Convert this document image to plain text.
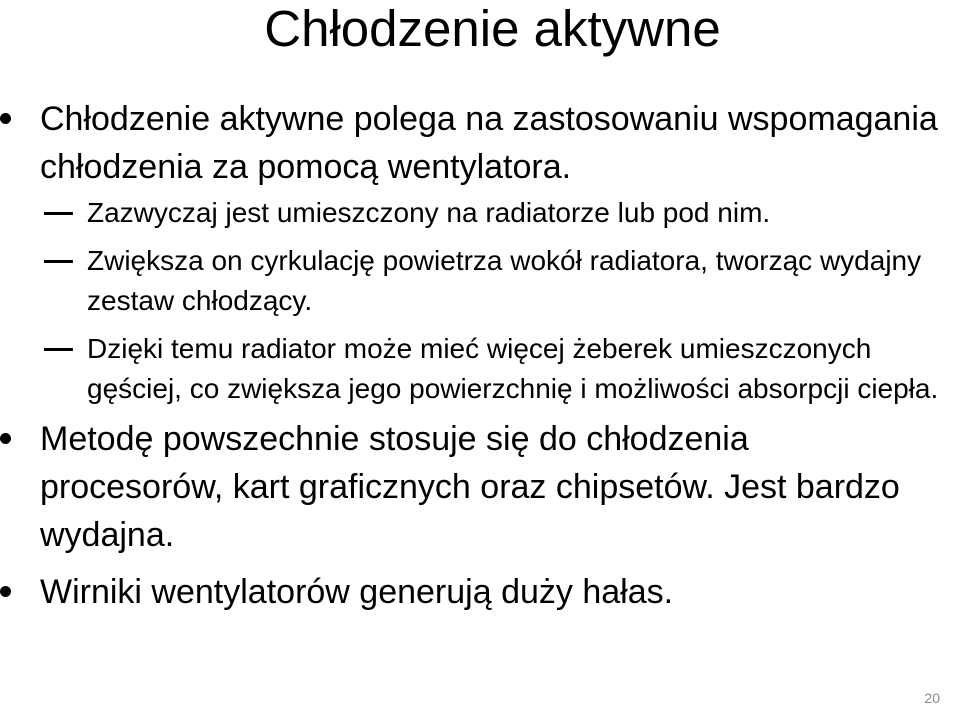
Chłodzenie aktywne
Chłodzenie aktywne polega na zastosowaniu wspomagania chłodzenia za pomocą wentylatora.
Zazwyczaj jest umieszczony na radiatorze lub pod nim.
Zwiększa on cyrkulację powietrza wokół radiatora, tworząc wydajny zestaw chłodzący.
Dzięki temu radiator może mieć więcej żeberek umieszczonych gęściej, co zwiększa jego powierzchnię i możliwości absorpcji ciepła.
Metodę powszechnie stosuje się do chłodzenia procesorów, kart graficznych oraz chipsetów. Jest bardzo wydajna.
Wirniki wentylatorów generują duży hałas.
20
